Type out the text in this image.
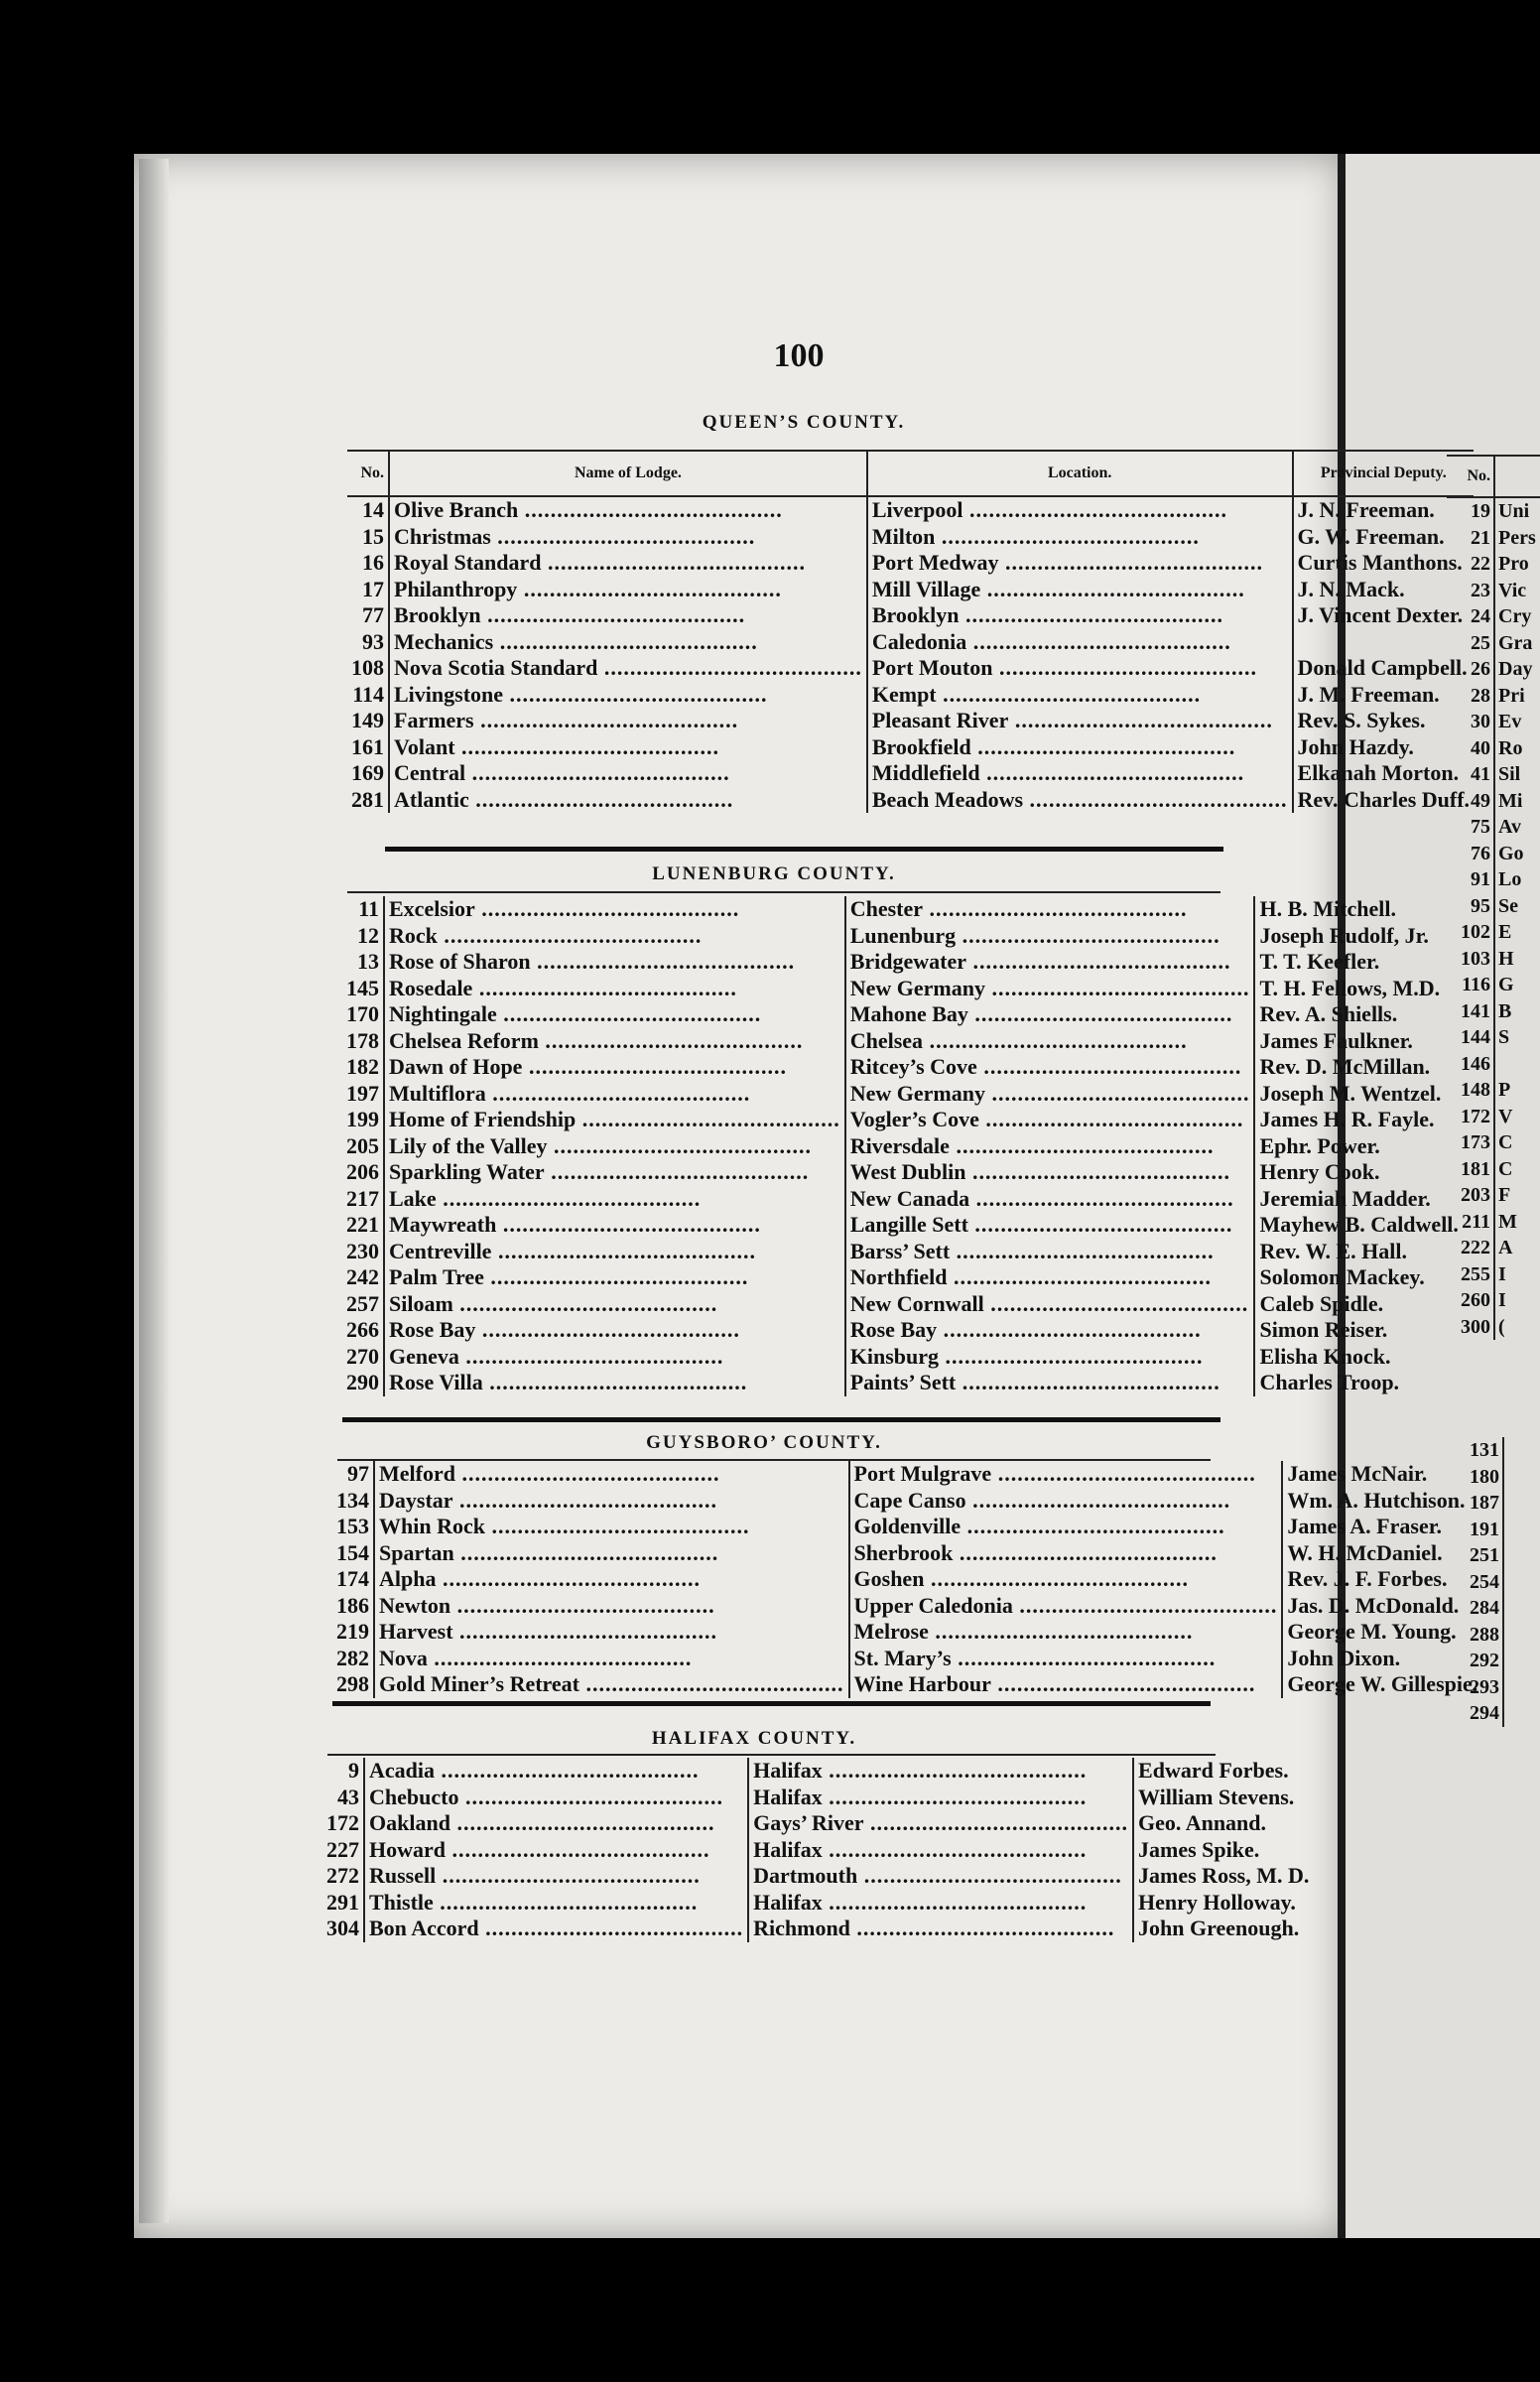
100
QUEEN’S COUNTY.
No.	Name of Lodge.	Location.	Provincial Deputy.
14	Olive Branch .....	Liverpool .....	J. N. Freeman.
15	Christmas .....	Milton .....	G. W. Freeman.
16	Royal Standard .....	Port Medway .....	Curtis Manthons.
17	Philanthropy .....	Mill Village .....	J. N. Mack.
77	Brooklyn .....	Brooklyn .....	J. Vincent Dexter.
93	Mechanics .....	Caledonia .....	
108	Nova Scotia Standard .....	Port Mouton .....	Donald Campbell.
114	Livingstone .....	Kempt .....	J. M. Freeman.
149	Farmers .....	Pleasant River .....	Rev. S. Sykes.
161	Volant .....	Brookfield .....	John Hazdy.
169	Central .....	Middlefield .....	Elkanah Morton.
281	Atlantic .....	Beach Meadows .....	Rev. Charles Duff.
LUNENBURG COUNTY.
11	Excelsior .....	Chester .....	H. B. Mitchell.
12	Rock .....	Lunenburg .....	Joseph Rudolf, Jr.
13	Rose of Sharon .....	Bridgewater .....	T. T. Keefler.
145	Rosedale .....	New Germany .....	T. H. Fellows, M.D.
170	Nightingale .....	Mahone Bay .....	Rev. A. Shiells.
178	Chelsea Reform .....	Chelsea .....	James Faulkner.
182	Dawn of Hope .....	Ritcey’s Cove .....	Rev. D. McMillan.
197	Multiflora .....	New Germany .....	Joseph M. Wentzel.
199	Home of Friendship .....	Vogler’s Cove .....	James H. R. Fayle.
205	Lily of the Valley .....	Riversdale .....	Ephr. Power.
206	Sparkling Water .....	West Dublin .....	Henry Cook.
217	Lake .....	New Canada .....	Jeremiah Madder.
221	Maywreath .....	Langille Sett .....	Mayhew B. Caldwell.
230	Centreville .....	Barss’ Sett .....	Rev. W. E. Hall.
242	Palm Tree .....	Northfield .....	Solomon Mackey.
257	Siloam .....	New Cornwall .....	Caleb Spidle.
266	Rose Bay .....	Rose Bay .....	Simon Reiser.
270	Geneva .....	Kinsburg .....	Elisha Knock.
290	Rose Villa .....	Paints’ Sett .....	Charles Troop.
GUYSBORO’ COUNTY.
97	Melford .....	Port Mulgrave .....	James McNair.
134	Daystar .....	Cape Canso .....	Wm. A. Hutchison.
153	Whin Rock .....	Goldenville .....	James A. Fraser.
154	Spartan .....	Sherbrook .....	W. H. McDaniel.
174	Alpha .....	Goshen .....	Rev. J. F. Forbes.
186	Newton .....	Upper Caledonia .....	Jas. D. McDonald.
219	Harvest .....	Melrose .....	George M. Young.
282	Nova .....	St. Mary’s .....	John Dixon.
298	Gold Miner’s Retreat .....	Wine Harbour .....	George W. Gillespie.
HALIFAX COUNTY.
9	Acadia .....	Halifax .....	Edward Forbes.
43	Chebucto .....	Halifax .....	William Stevens.
172	Oakland .....	Gays’ River .....	Geo. Annand.
227	Howard .....	Halifax .....	James Spike.
272	Russell .....	Dartmouth .....	James Ross, M. D.
291	Thistle .....	Halifax .....	Henry Holloway.
304	Bon Accord .....	Richmond .....	John Greenough.
No.	
19	Uni
21	Pers
22	Pro
23	Vic
24	Cry
25	Gra
26	Day
28	Pri
30	Ev
40	Ro
41	Sil
49	Mi
75	Av
76	Go
91	Lo
95	Se
102	E
103	H
116	G
141	B
144	S
146	
148	P
172	V
173	C
181	C
203	F
211	M
222	A
255	I
260	I
300	(
131
180
187
191
251
254
284
288
292
293
294
